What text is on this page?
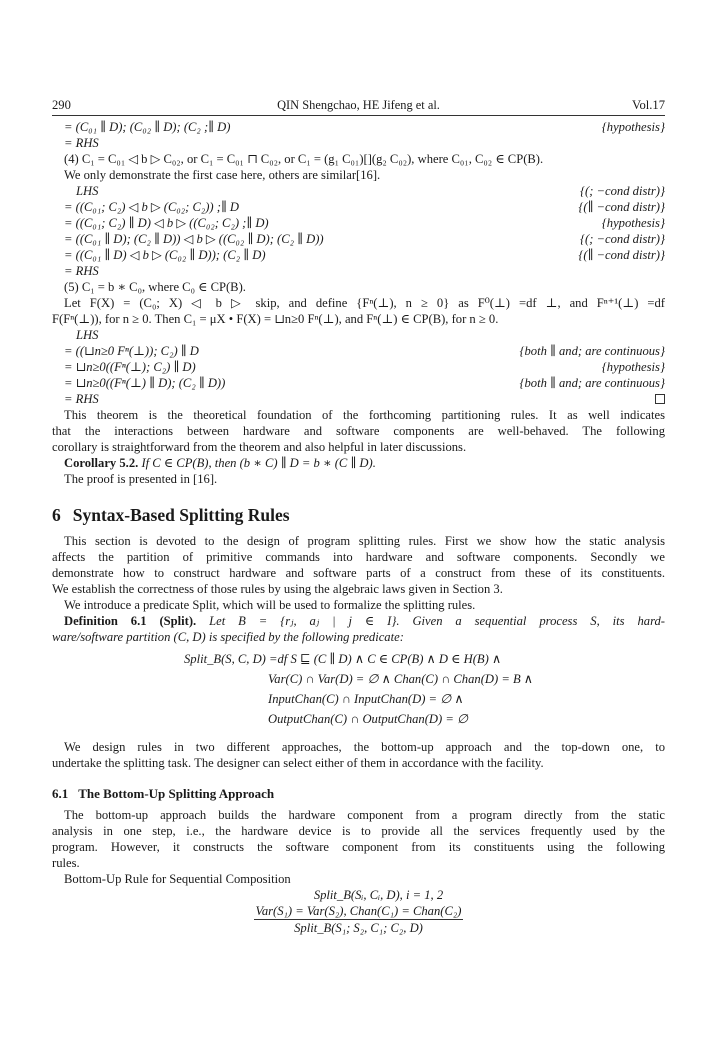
290	QIN Shengchao, HE Jifeng et al.	Vol.17
= (C₀₁ ∥ D); (C₀₂ ∥ D); (C₂ ;∥ D)	{hypothesis}
= RHS
(4) C₁ = C₀₁ ◁ b ▷ C₀₂, or C₁ = C₀₁ ⊓ C₀₂, or C₁ = (g₁ C₀₁)[](g₂ C₀₂), where C₀₁, C₀₂ ∈ CP(B).
We only demonstrate the first case here, others are similar[16].
LHS	{(; −cond distr)}
= ((C₀₁; C₂) ◁ b ▷ (C₀₂; C₂)) ;∥ D	{(∥ −cond distr)}
= ((C₀₁; C₂) ∥ D) ◁ b ▷ ((C₀₂; C₂) ;∥ D)	{hypothesis}
= ((C₀₁ ∥ D); (C₂ ∥ D)) ◁ b ▷ ((C₀₂ ∥ D); (C₂ ∥ D))	{(; −cond distr)}
= ((C₀₁ ∥ D) ◁ b ▷ (C₀₂ ∥ D)); (C₂ ∥ D)	{(∥ −cond distr)}
= RHS
(5) C₁ = b ∗ C₀, where C₀ ∈ CP(B).
Let F(X) = (C₀; X) ◁ b ▷ skip, and define {Fⁿ(⊥), n ≥ 0} as F⁰(⊥) =df ⊥, and Fⁿ⁺¹(⊥) =df
F(Fⁿ(⊥)), for n ≥ 0. Then C₁ = μX • F(X) = ⊔n≥0 Fⁿ(⊥), and Fⁿ(⊥) ∈ CP(B), for n ≥ 0.
LHS
= ((⊔n≥0 Fⁿ(⊥)); C₂) ∥ D	{both ∥ and; are continuous}
= ⊔n≥0((Fⁿ(⊥); C₂) ∥ D)	{hypothesis}
= ⊔n≥0((Fⁿ(⊥) ∥ D); (C₂ ∥ D))	{both ∥ and; are continuous}
= RHS
This theorem is the theoretical foundation of the forthcoming partitioning rules. It as well indicates
that the interactions between hardware and software components are well-behaved. The following
corollary is straightforward from the theorem and also helpful in later discussions.
Corollary 5.2. If C ∈ CP(B), then (b ∗ C) ∥ D = b ∗ (C ∥ D).
The proof is presented in [16].
6 Syntax-Based Splitting Rules
This section is devoted to the design of program splitting rules. First we show how the static analysis
affects the partition of primitive commands into hardware and software components. Secondly we
demonstrate how to construct hardware and software parts of a construct from these of its constituents.
We establish the correctness of those rules by using the algebraic laws given in Section 3.
We introduce a predicate Split, which will be used to formalize the splitting rules.
Definition 6.1 (Split). Let B = {rⱼ, aⱼ | j ∈ I}. Given a sequential process S, its hard-
ware/software partition (C, D) is specified by the following predicate:
Split_B(S, C, D) =df S ⊑ (C ∥ D) ∧ C ∈ CP(B) ∧ D ∈ H(B) ∧
Var(C) ∩ Var(D) = ∅ ∧ Chan(C) ∩ Chan(D) = B ∧
InputChan(C) ∩ InputChan(D) = ∅ ∧
OutputChan(C) ∩ OutputChan(D) = ∅
We design rules in two different approaches, the bottom-up approach and the top-down one, to
undertake the splitting task. The designer can select either of them in accordance with the facility.
6.1 The Bottom-Up Splitting Approach
The bottom-up approach builds the hardware component from a program directly from the static
analysis in one step, i.e., the hardware device is to provide all the services frequently used by the
program. However, it constructs the software component from its constituents using the following
rules.
Bottom-Up Rule for Sequential Composition
Split_B(Sᵢ, Cᵢ, D), i = 1, 2
Var(S₁) = Var(S₂), Chan(C₁) = Chan(C₂)
Split_B(S₁; S₂, C₁; C₂, D)
